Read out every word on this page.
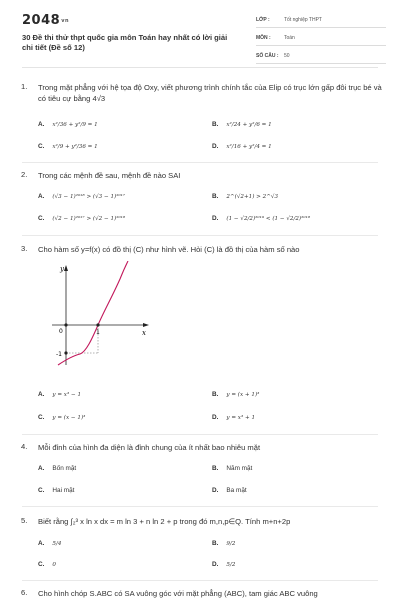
2048vn
30 Đề thi thử thpt quốc gia môn Toán hay nhất có lời giải chi tiết (Đề số 12)
LỚP :	Tốt nghiệp THPT
MÔN :	Toán
SỐ CÂU : 50
1. Trong mặt phẳng với hệ tọa độ Oxy, viết phương trình chính tắc của Elip có trục lớn gấp đôi trục bé và có tiêu cự bằng 4√3
A. x²/36 + y²/9 = 1	B. x²/24 + y²/6 = 1
C. x²/9 + y²/36 = 1	D. x²/16 + y²/4 = 1
2. Trong các mệnh đề sau, mệnh đề nào SAI
A. (√3 − 1)²⁰¹⁸ > (√3 − 1)²⁰¹⁷	B. 2^(√2+1) > 2^√3
C. (√2 − 1)²⁰¹⁷ > (√2 − 1)²⁰¹⁸	D. (1 − √2/2)²⁰¹⁹ < (1 − √2/2)²⁰¹⁸
3. Cho hàm số y=f(x) có đồ thị (C) như hình vẽ. Hỏi (C) là đồ thị của hàm số nào
y
x
0	1
-1
A. y = x³ − 1	B. y = (x + 1)³
C. y = (x − 1)³	D. y = x³ + 1
4. Mỗi đỉnh của hình đa diện là đỉnh chung của ít nhất bao nhiêu mặt
A. Bốn mặt	B. Năm mặt
C. Hai mặt	D. Ba mặt
5. Biết rằng ∫₂³ x ln x dx = m ln 3 + n ln 2 + p trong đó m,n,p∈Q. Tính m+n+2p
A. 5/4	B. 9/2
C. 0	D. 5/2
6. Cho hình chóp S.ABC có SA vuông góc với mặt phẳng (ABC), tam giác ABC vuông
